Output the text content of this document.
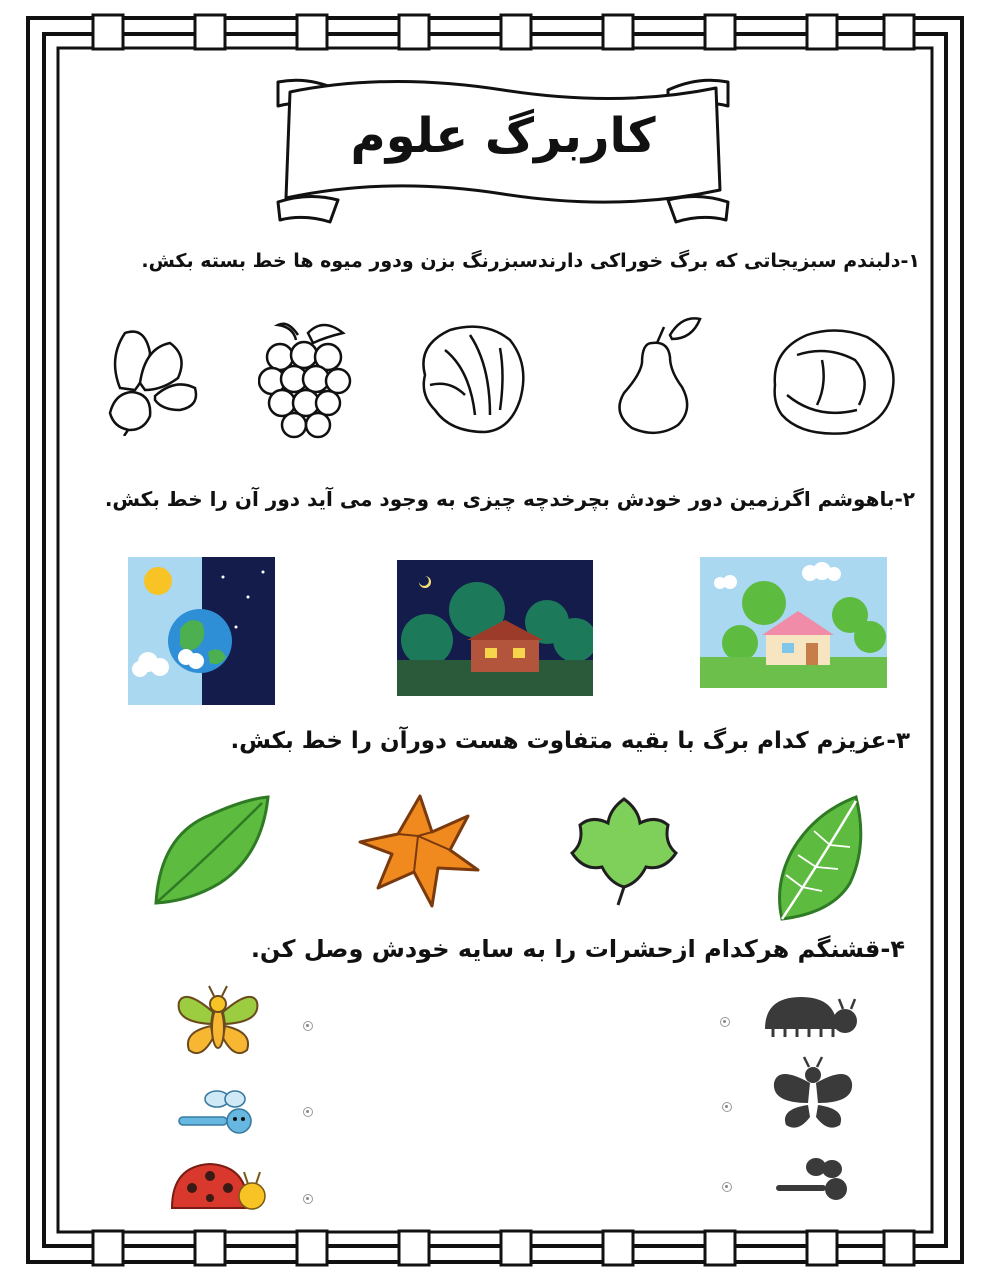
کاربرگ علوم
۱-دلبندم سبزیجاتی که برگ خوراکی دارندسبزرنگ بزن ودور میوه ها خط بسته بکش.
۲-باهوشم اگرزمین دور خودش بچرخدچه چیزی به وجود می آید دور آن را خط بکش.
۳-عزیزم کدام برگ با بقیه متفاوت هست دورآن را خط بکش.
۴-قشنگم هرکدام ازحشرات را به سایه خودش وصل کن.
